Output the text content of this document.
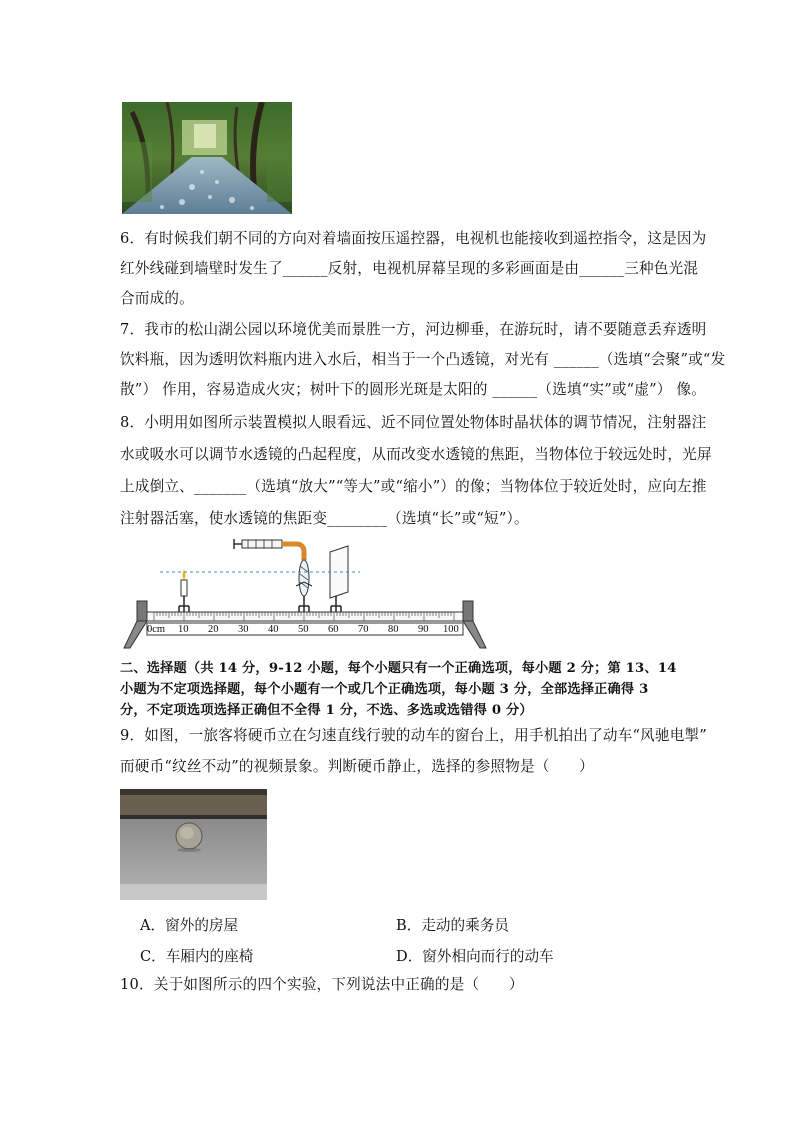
6．有时候我们朝不同的方向对着墙面按压遥控器，电视机也能接收到遥控指令，这是因为
红外线碰到墙壁时发生了______反射，电视机屏幕呈现的多彩画面是由______三种色光混
合而成的。
7．我市的松山湖公园以环境优美而景胜一方，河边柳垂，在游玩时，请不要随意丢弃透明
饮料瓶，因为透明饮料瓶内进入水后，相当于一个凸透镜，对光有 ______（选填“会聚”或“发
散”） 作用，容易造成火灾；树叶下的圆形光斑是太阳的 ______（选填“实”或“虚”） 像。
8．小明用如图所示装置模拟人眼看远、近不同位置处物体时晶状体的调节情况，注射器注
水或吸水可以调节水透镜的凸起程度，从而改变水透镜的焦距，当物体位于较远处时，光屏
上成倒立、_______（选填“放大”“等大”或“缩小”）的像；当物体位于较近处时，应向左推
注射器活塞，使水透镜的焦距变________（选填“长”或“短”）。
0cm 10 20 30 40 50 60 70 80 90 100
二、选择题（共 14 分，9-12 小题，每个小题只有一个正确选项，每小题 2 分；第 13、14
小题为不定项选择题，每个小题有一个或几个正确选项，每小题 3 分，全部选择正确得 3
分，不定项选项选择正确但不全得 1 分，不选、多选或选错得 0 分）
9．如图，一旅客将硬币立在匀速直线行驶的动车的窗台上，用手机拍出了动车“风驰电掣”
而硬币“纹丝不动”的视频景象。判断硬币静止，选择的参照物是（　　）
A．窗外的房屋	B．走动的乘务员
C．车厢内的座椅	D．窗外相向而行的动车
10．关于如图所示的四个实验，下列说法中正确的是（　　）
